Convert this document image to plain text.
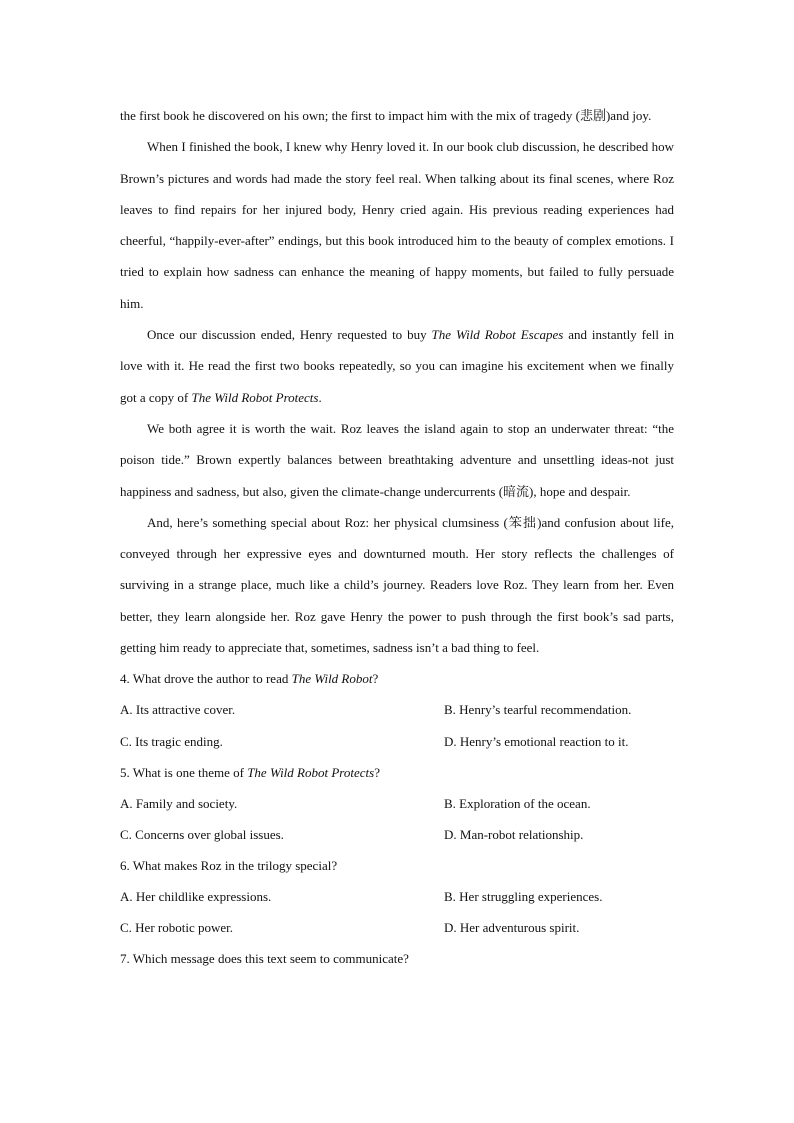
the first book he discovered on his own; the first to impact him with the mix of tragedy (悲剧)and joy.

When I finished the book, I knew why Henry loved it. In our book club discussion, he described how Brown’s pictures and words had made the story feel real. When talking about its final scenes, where Roz leaves to find repairs for her injured body, Henry cried again. His previous reading experiences had cheerful, “happily-ever-after” endings, but this book introduced him to the beauty of complex emotions. I tried to explain how sadness can enhance the meaning of happy moments, but failed to fully persuade him.

Once our discussion ended, Henry requested to buy The Wild Robot Escapes and instantly fell in love with it. He read the first two books repeatedly, so you can imagine his excitement when we finally got a copy of The Wild Robot Protects.

We both agree it is worth the wait. Roz leaves the island again to stop an underwater threat: “the poison tide.” Brown expertly balances between breathtaking adventure and unsettling ideas-not just happiness and sadness, but also, given the climate-change undercurrents (暗流), hope and despair.

And, here’s something special about Roz: her physical clumsiness (笨拙)and confusion about life, conveyed through her expressive eyes and downturned mouth. Her story reflects the challenges of surviving in a strange place, much like a child’s journey. Readers love Roz. They learn from her. Even better, they learn alongside her. Roz gave Henry the power to push through the first book’s sad parts, getting him ready to appreciate that, sometimes, sadness isn’t a bad thing to feel.

4. What drove the author to read The Wild Robot?
A. Its attractive cover.	B. Henry’s tearful recommendation.
C. Its tragic ending.	D. Henry’s emotional reaction to it.
5. What is one theme of The Wild Robot Protects?
A. Family and society.	B. Exploration of the ocean.
C. Concerns over global issues.	D. Man-robot relationship.
6. What makes Roz in the trilogy special?
A. Her childlike expressions.	B. Her struggling experiences.
C. Her robotic power.	D. Her adventurous spirit.
7. Which message does this text seem to communicate?
